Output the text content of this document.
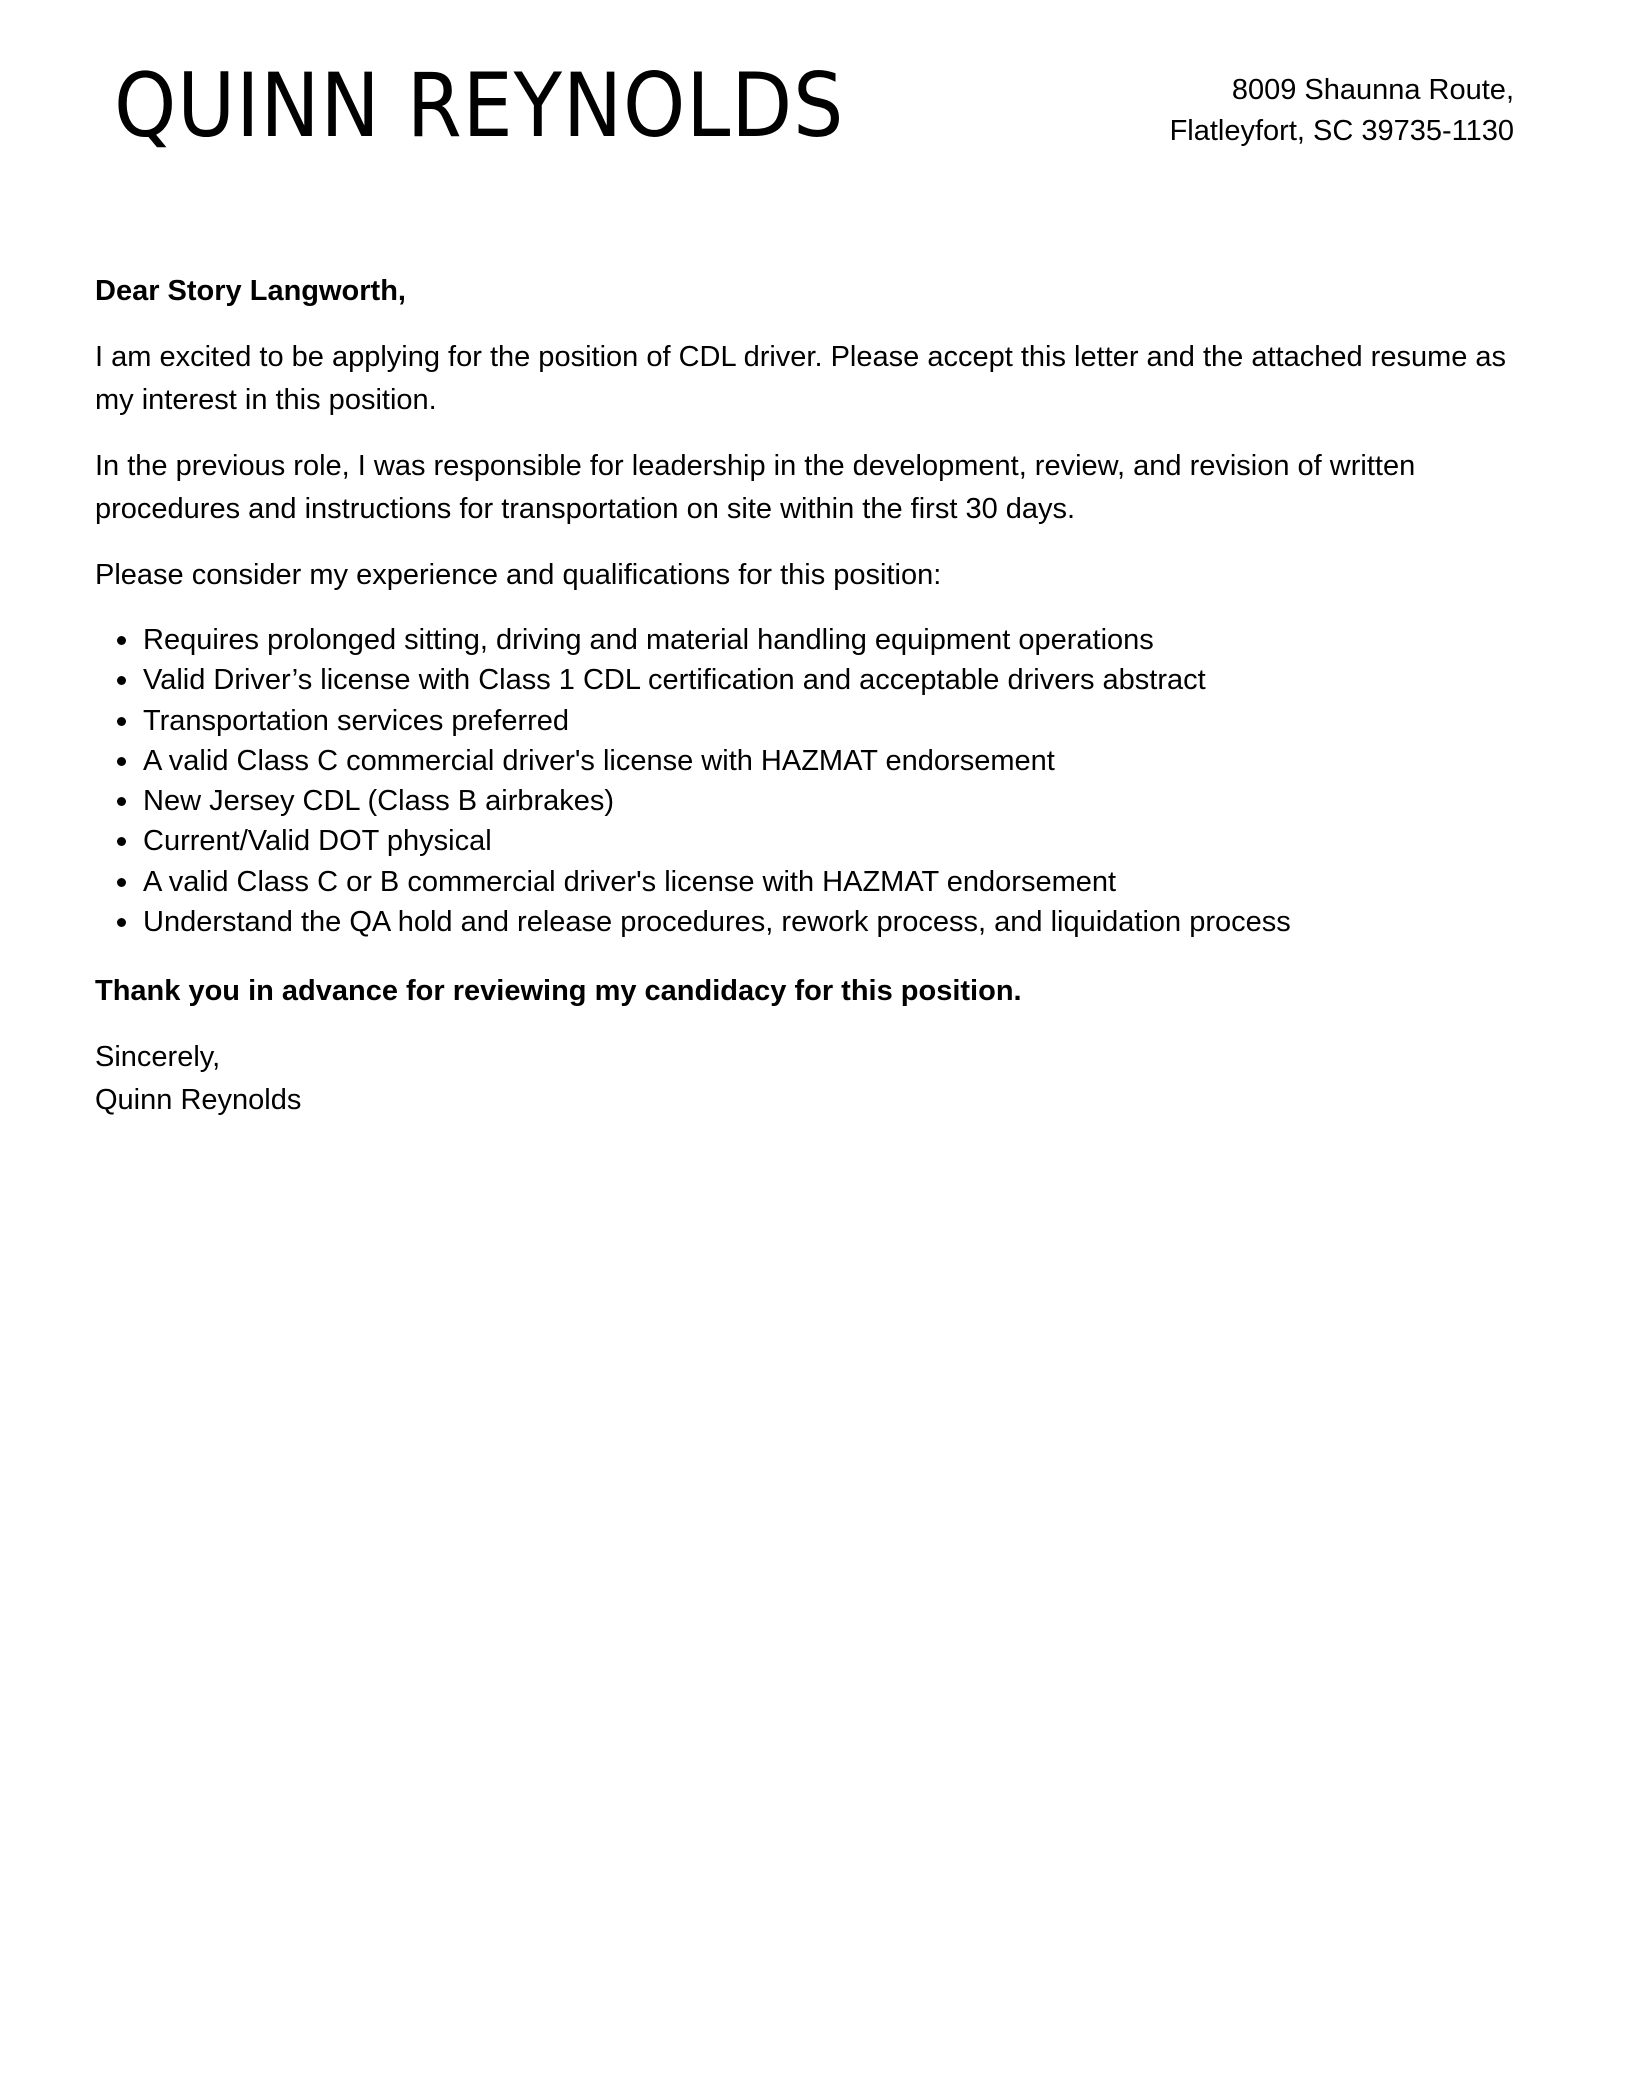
QUINN REYNOLDS	8009 Shaunna Route,
Flatleyfort, SC 39735-1130
Dear Story Langworth,

I am excited to be applying for the position of CDL driver. Please accept this letter and the attached resume as my interest in this position.

In the previous role, I was responsible for leadership in the development, review, and revision of written procedures and instructions for transportation on site within the first 30 days.

Please consider my experience and qualifications for this position:

Requires prolonged sitting, driving and material handling equipment operations
Valid Driver’s license with Class 1 CDL certification and acceptable drivers abstract
Transportation services preferred
A valid Class C commercial driver's license with HAZMAT endorsement
New Jersey CDL (Class B airbrakes)
Current/Valid DOT physical
A valid Class C or B commercial driver's license with HAZMAT endorsement
Understand the QA hold and release procedures, rework process, and liquidation process
Thank you in advance for reviewing my candidacy for this position.
Sincerely,
Quinn Reynolds
